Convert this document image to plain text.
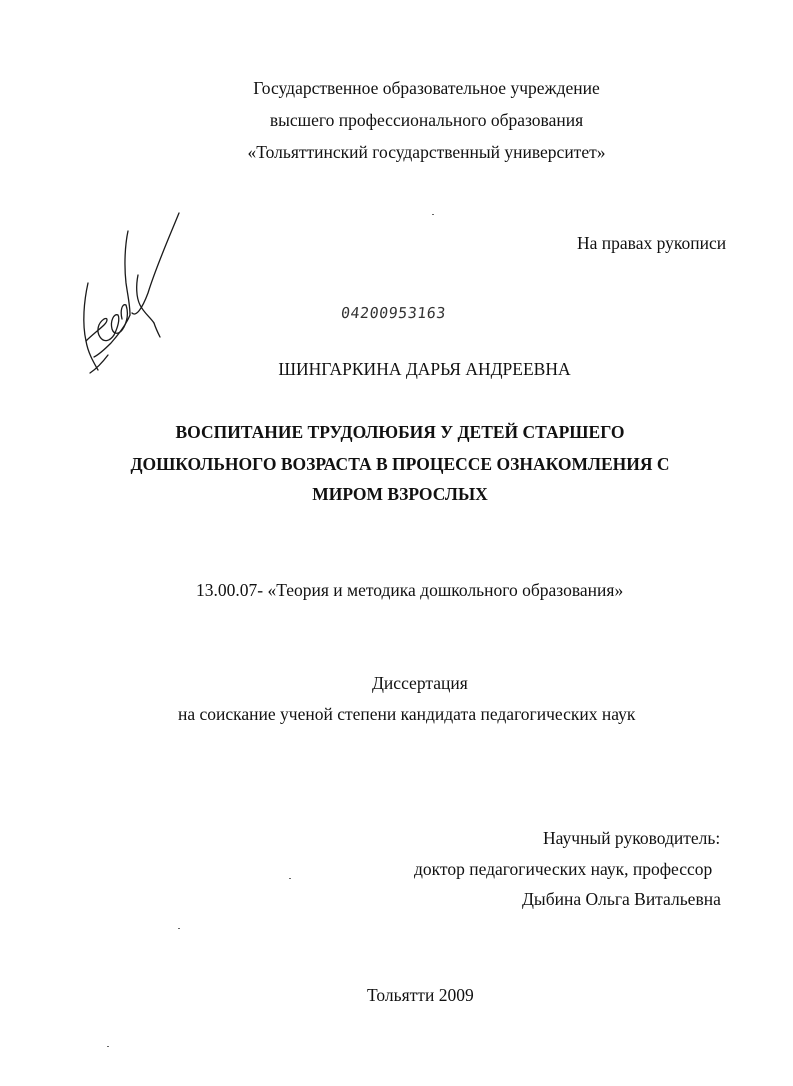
Государственное образовательное учреждение
высшего профессионального образования
«Тольяттинский государственный университет»
На правах рукописи
04200953163
ШИНГАРКИНА ДАРЬЯ АНДРЕЕВНА
ВОСПИТАНИЕ ТРУДОЛЮБИЯ У ДЕТЕЙ СТАРШЕГО
ДОШКОЛЬНОГО ВОЗРАСТА В ПРОЦЕССЕ ОЗНАКОМЛЕНИЯ С
МИРОМ ВЗРОСЛЫХ
13.00.07- «Теория и методика дошкольного образования»
Диссертация
на соискание ученой степени кандидата педагогических наук
Научный руководитель:
доктор педагогических наук, профессор
Дыбина Ольга Витальевна
Тольятти 2009
